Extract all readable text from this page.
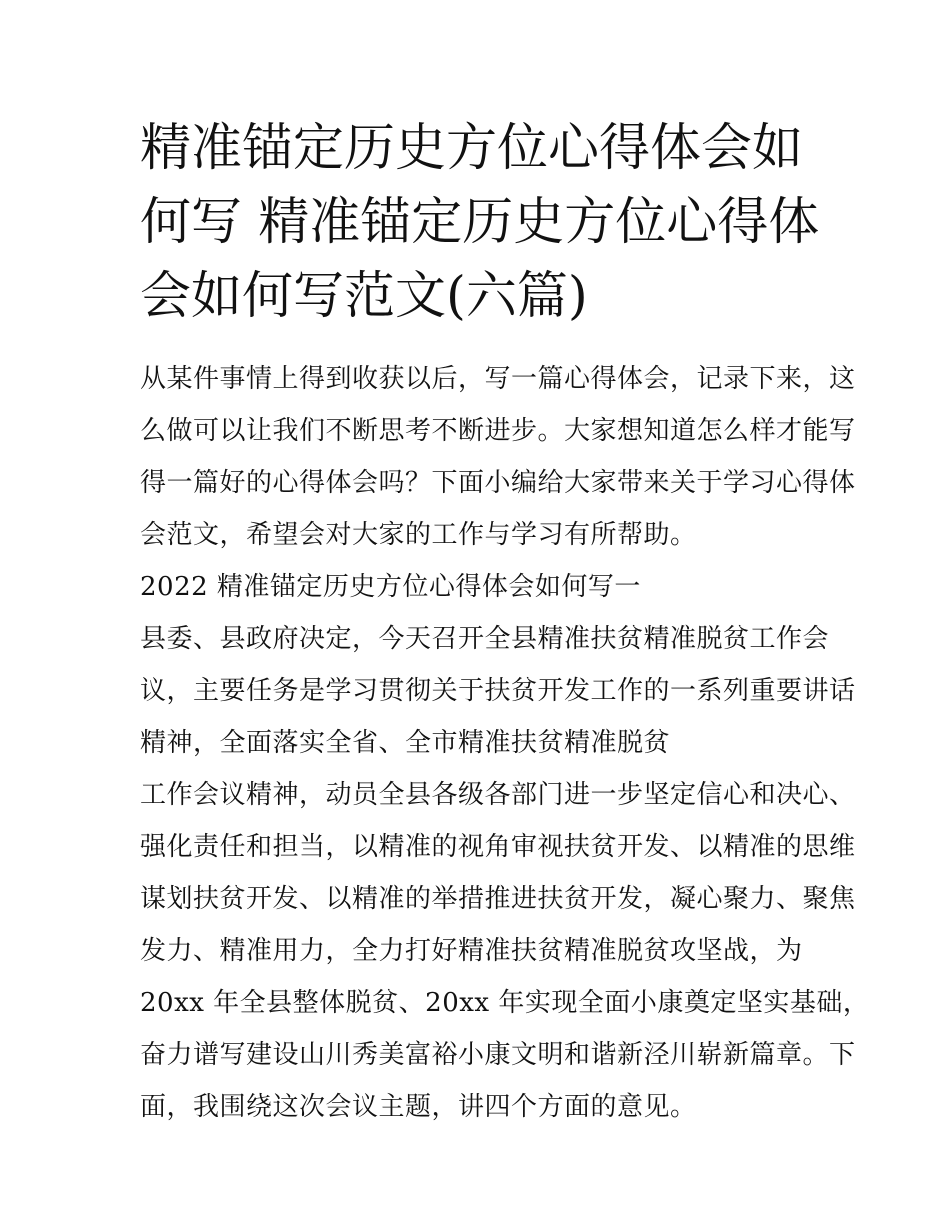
精准锚定历史方位心得体会如
何写 精准锚定历史方位心得体
会如何写范文(六篇)
从某件事情上得到收获以后，写一篇心得体会，记录下来，这
么做可以让我们不断思考不断进步。大家想知道怎么样才能写
得一篇好的心得体会吗？下面小编给大家带来关于学习心得体
会范文，希望会对大家的工作与学习有所帮助。
2022 精准锚定历史方位心得体会如何写一
县委、县政府决定，今天召开全县精准扶贫精准脱贫工作会
议，主要任务是学习贯彻关于扶贫开发工作的一系列重要讲话
精神，全面落实全省、全市精准扶贫精准脱贫
工作会议精神，动员全县各级各部门进一步坚定信心和决心、
强化责任和担当，以精准的视角审视扶贫开发、以精准的思维
谋划扶贫开发、以精准的举措推进扶贫开发，凝心聚力、聚焦
发力、精准用力，全力打好精准扶贫精准脱贫攻坚战，为
20xx 年全县整体脱贫、20xx 年实现全面小康奠定坚实基础，
奋力谱写建设山川秀美富裕小康文明和谐新泾川崭新篇章。下
面，我围绕这次会议主题，讲四个方面的意见。
